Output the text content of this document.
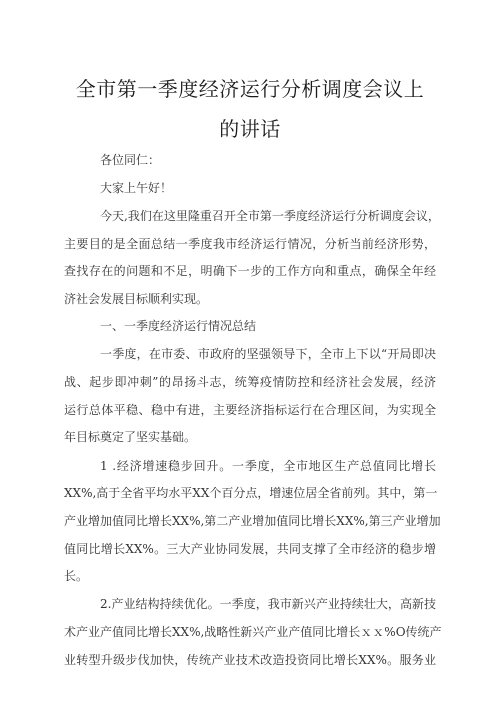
全市第一季度经济运行分析调度会议上
的讲话
各位同仁：
大家上午好！
今天,我们在这里隆重召开全市第一季度经济运行分析调度会议，
主要目的是全面总结一季度我市经济运行情况，分析当前经济形势，
查找存在的问题和不足，明确下一步的工作方向和重点，确保全年经
济社会发展目标顺利实现。
一、一季度经济运行情况总结
一季度，在市委、市政府的坚强领导下，全市上下以“开局即决
战、起步即冲刺”的昂扬斗志，统筹疫情防控和经济社会发展，经济
运行总体平稳、稳中有进，主要经济指标运行在合理区间，为实现全
年目标奠定了坚实基础。
1 .经济增速稳步回升。一季度，全市地区生产总值同比增长
XX%,高于全省平均水平XX个百分点，增速位居全省前列。其中，第一
产业增加值同比增长XX%,第二产业增加值同比增长XX%,第三产业增加
值同比增长XX%。三大产业协同发展，共同支撑了全市经济的稳步增
长。
2.产业结构持续优化。一季度，我市新兴产业持续壮大，高新技
术产业产值同比增长XX%,战略性新兴产业产值同比增长ｘｘ%O传统产
业转型升级步伐加快，传统产业技术改造投资同比增长XX%。服务业
